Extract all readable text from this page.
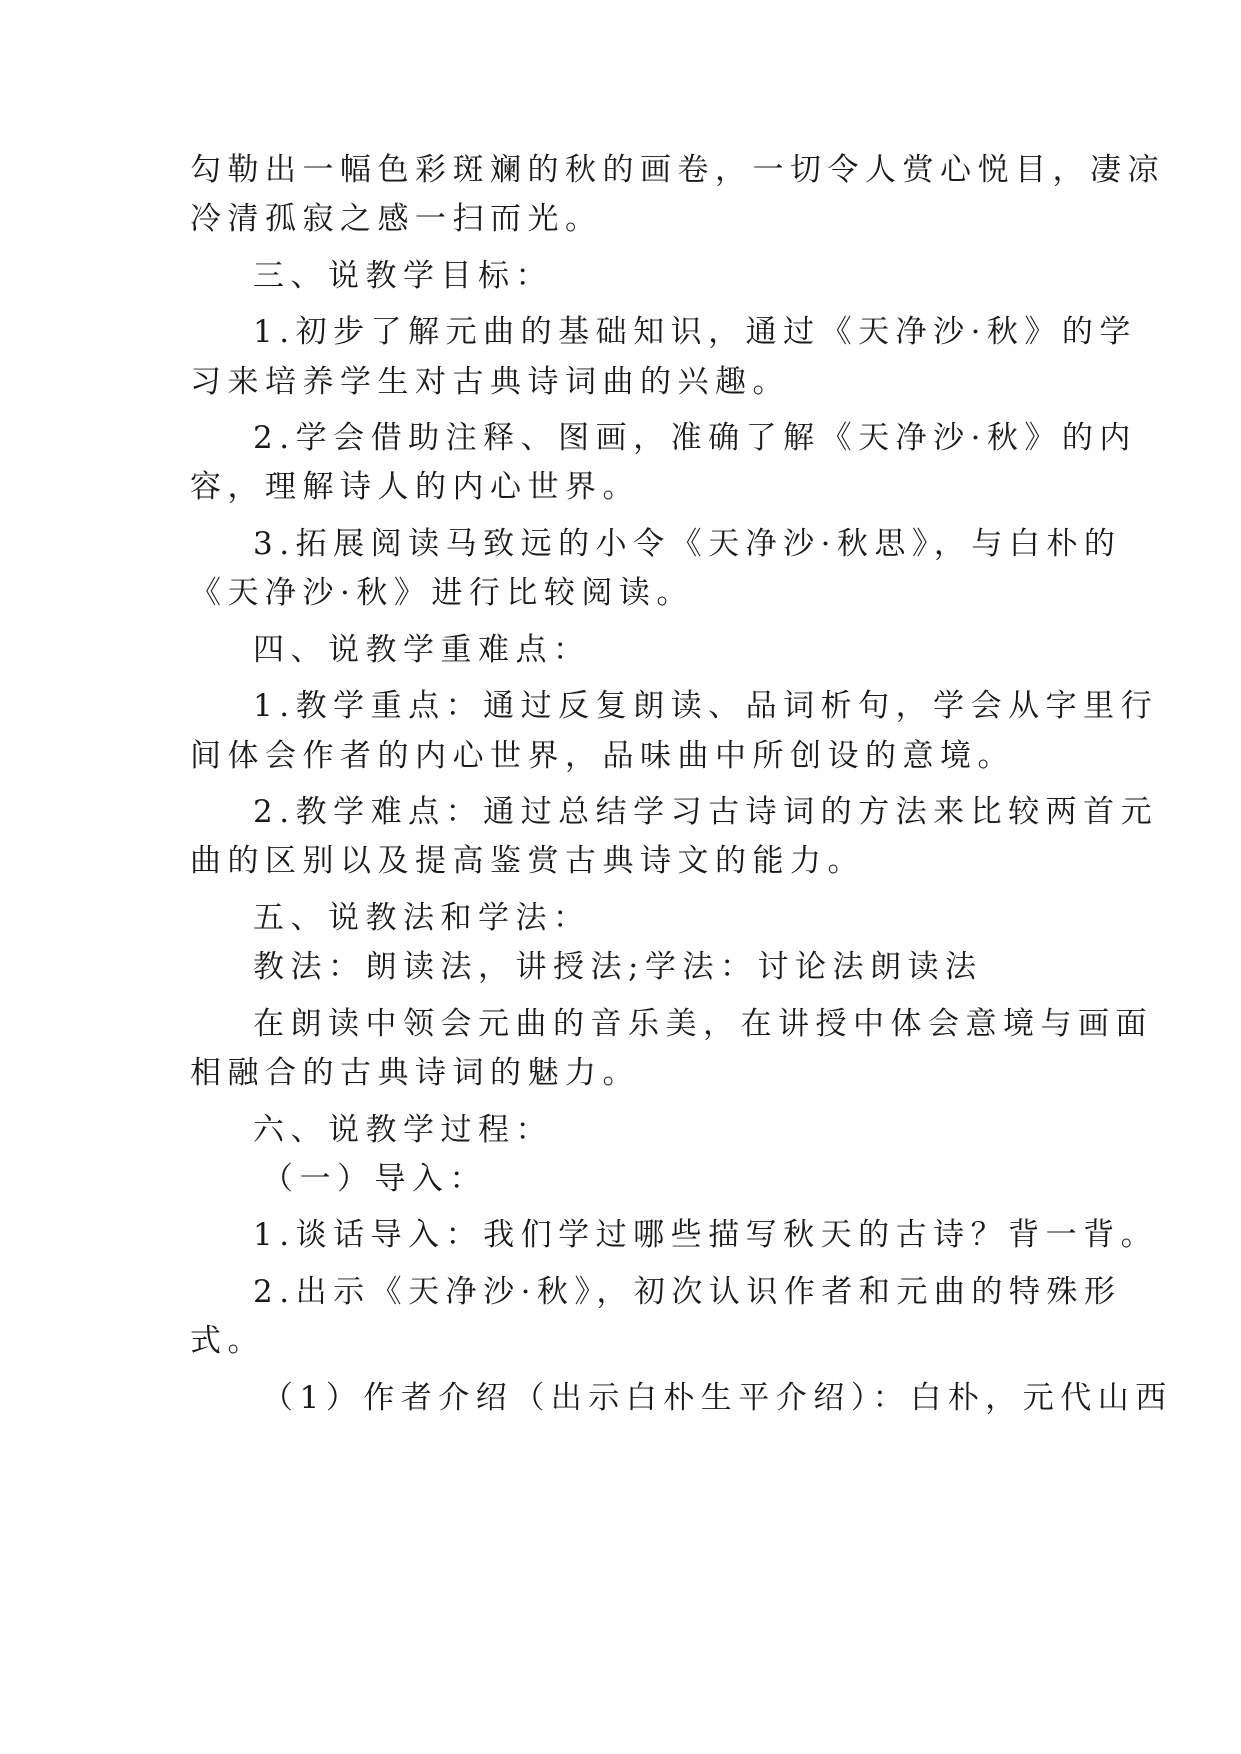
勾勒出一幅色彩斑斓的秋的画卷，一切令人赏心悦目，凄凉
冷清孤寂之感一扫而光。
三、说教学目标：
1.初步了解元曲的基础知识，通过《天净沙·秋》的学
习来培养学生对古典诗词曲的兴趣。
2.学会借助注释、图画，准确了解《天净沙·秋》的内
容，理解诗人的内心世界。
3.拓展阅读马致远的小令《天净沙·秋思》，与白朴的
《天净沙·秋》进行比较阅读。
四、说教学重难点：
1.教学重点：通过反复朗读、品词析句，学会从字里行
间体会作者的内心世界，品味曲中所创设的意境。
2.教学难点：通过总结学习古诗词的方法来比较两首元
曲的区别以及提高鉴赏古典诗文的能力。
五、说教法和学法：
教法：朗读法，讲授法;学法：讨论法朗读法
在朗读中领会元曲的音乐美，在讲授中体会意境与画面
相融合的古典诗词的魅力。
六、说教学过程：
（一）导入：
1.谈话导入：我们学过哪些描写秋天的古诗？背一背。
2.出示《天净沙·秋》，初次认识作者和元曲的特殊形
式。
（1）作者介绍（出示白朴生平介绍）：白朴，元代山西
